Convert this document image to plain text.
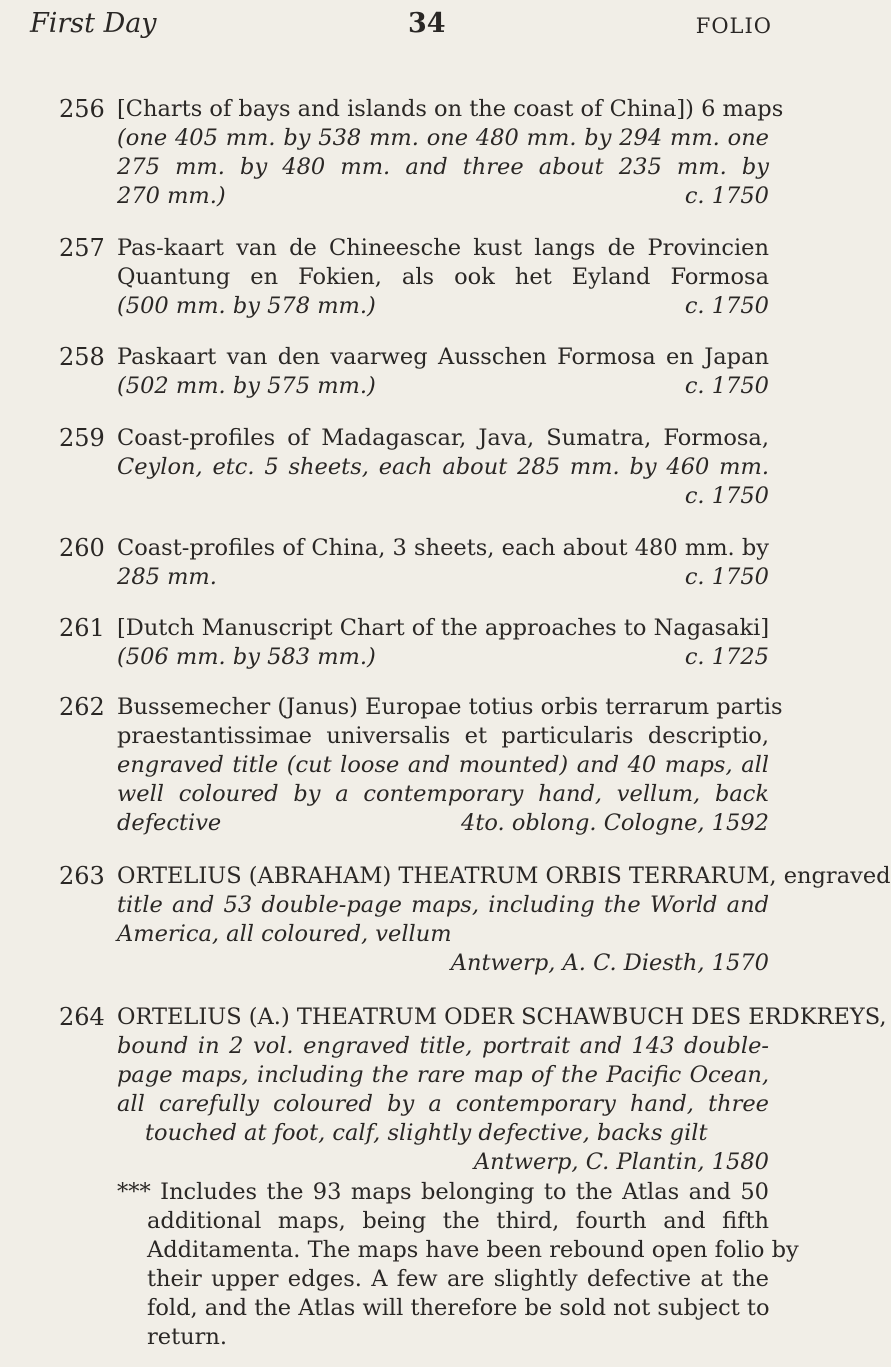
First Day	34	FOLIO
256 [Charts of bays and islands on the coast of China]) 6 maps
(one 405 mm. by 538 mm. one 480 mm. by 294 mm. one
275 mm. by 480 mm. and three about 235 mm. by
270 mm.)	c. 1750
257 Pas-kaart van de Chineesche kust langs de Provincien
Quantung en Fokien, als ook het Eyland Formosa
(500 mm. by 578 mm.)	c. 1750
258 Paskaart van den vaarweg Ausschen Formosa en Japan
(502 mm. by 575 mm.)	c. 1750
259 Coast-profiles of Madagascar, Java, Sumatra, Formosa,
Ceylon, etc. 5 sheets, each about 285 mm. by 460 mm.
c. 1750
260 Coast-profiles of China, 3 sheets, each about 480 mm. by
285 mm.	c. 1750
261 [Dutch Manuscript Chart of the approaches to Nagasaki]
(506 mm. by 583 mm.)	c. 1725
262 Bussemecher (Janus) Europae totius orbis terrarum partis
praestantissimae universalis et particularis descriptio,
engraved title (cut loose and mounted) and 40 maps, all
well coloured by a contemporary hand, vellum, back
defective	4to. oblong. Cologne, 1592
263 ORTELIUS (ABRAHAM) THEATRUM ORBIS TERRARUM, engraved
title and 53 double-page maps, including the World and
America, all coloured, vellum
Antwerp, A. C. Diesth, 1570
264 ORTELIUS (A.) THEATRUM ODER SCHAWBUCH DES ERDKREYS,
bound in 2 vol. engraved title, portrait and 143 double-
page maps, including the rare map of the Pacific Ocean,
all carefully coloured by a contemporary hand, three
touched at foot, calf, slightly defective, backs gilt
Antwerp, C. Plantin, 1580
*** Includes the 93 maps belonging to the Atlas and 50
additional maps, being the third, fourth and fifth
Additamenta. The maps have been rebound open folio by
their upper edges. A few are slightly defective at the
fold, and the Atlas will therefore be sold not subject to
return.
